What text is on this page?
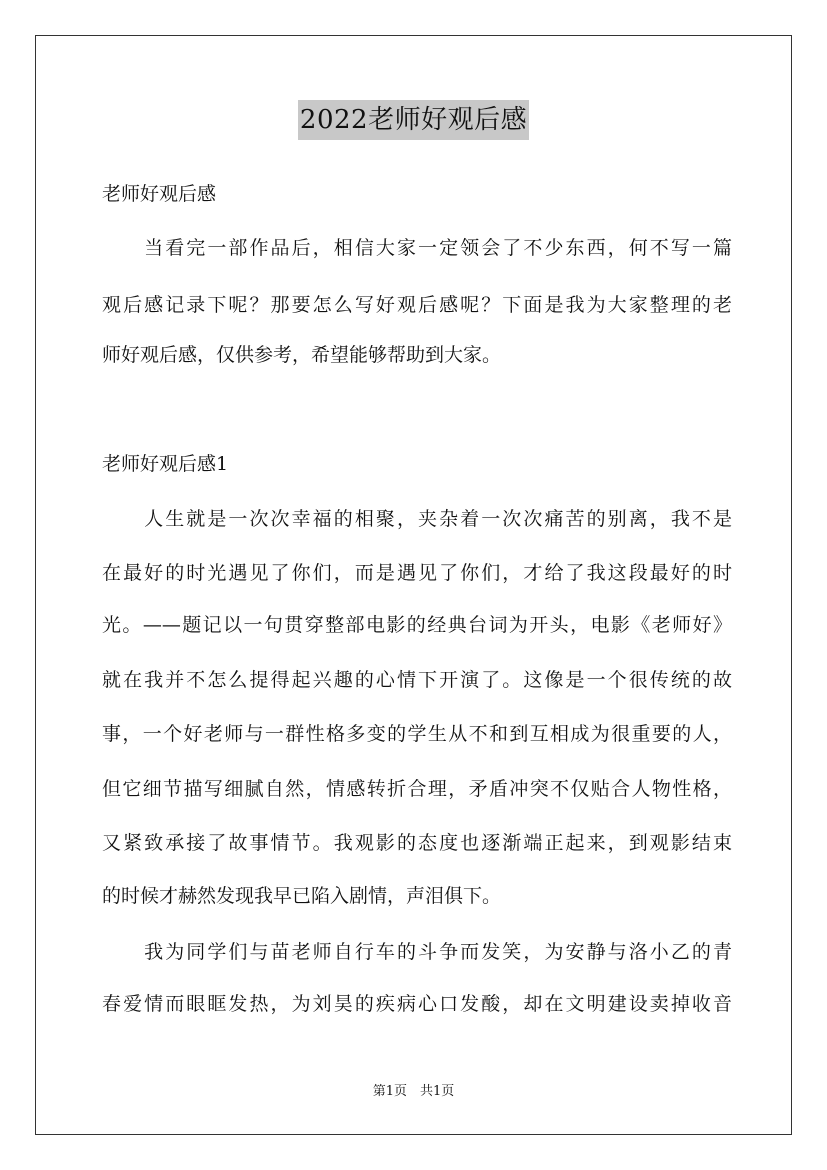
2022老师好观后感
老师好观后感
　　当看完一部作品后，相信大家一定领会了不少东西，何不写一篇
观后感记录下呢？那要怎么写好观后感呢？下面是我为大家整理的老
师好观后感，仅供参考，希望能够帮助到大家。
老师好观后感1
　　人生就是一次次幸福的相聚，夹杂着一次次痛苦的别离，我不是
在最好的时光遇见了你们，而是遇见了你们，才给了我这段最好的时
光。——题记以一句贯穿整部电影的经典台词为开头，电影《老师好》
就在我并不怎么提得起兴趣的心情下开演了。这像是一个很传统的故
事，一个好老师与一群性格多变的学生从不和到互相成为很重要的人，
但它细节描写细腻自然，情感转折合理，矛盾冲突不仅贴合人物性格，
又紧致承接了故事情节。我观影的态度也逐渐端正起来，到观影结束
的时候才赫然发现我早已陷入剧情，声泪俱下。
　　我为同学们与苗老师自行车的斗争而发笑，为安静与洛小乙的青
春爱情而眼眶发热，为刘昊的疾病心口发酸，却在文明建设卖掉收音
第1页　共1页
